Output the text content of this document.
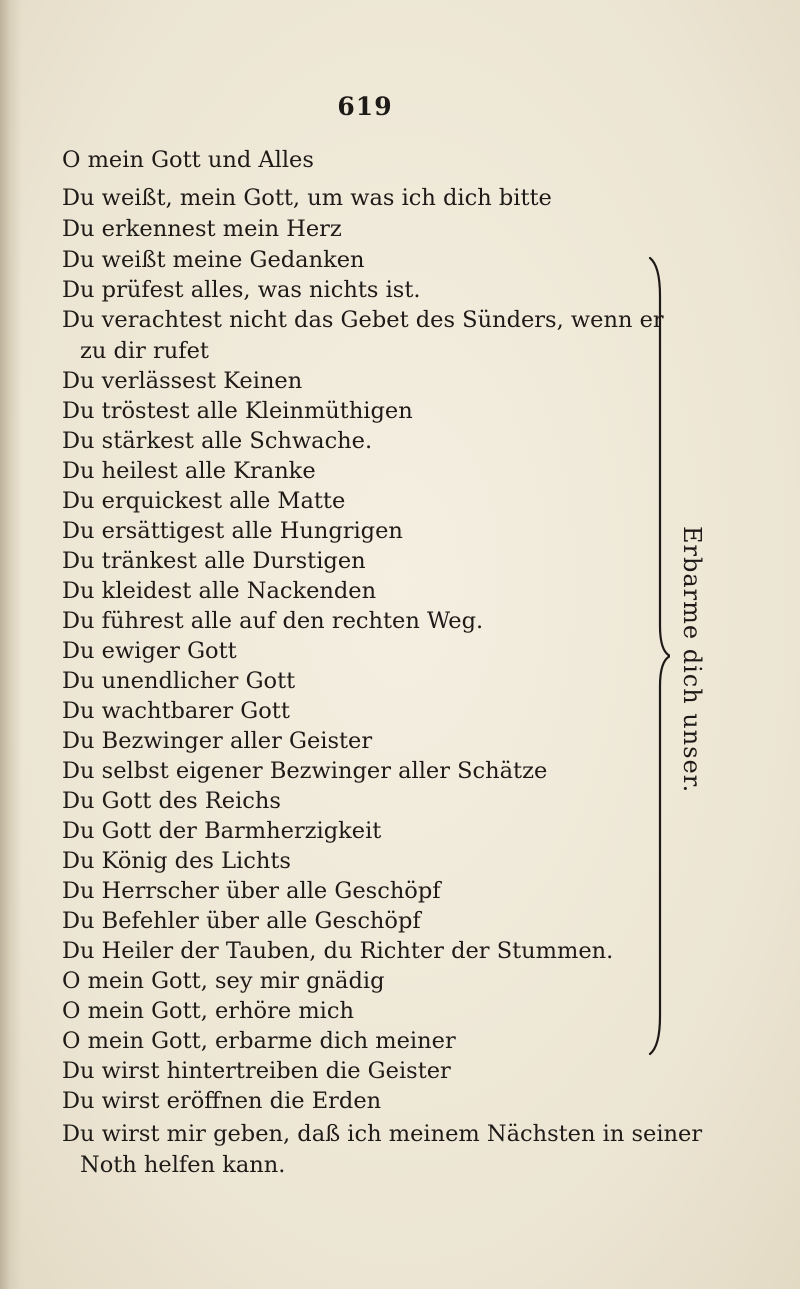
619
O mein Gott und Alles
Du weißt, mein Gott, um was ich dich bitte
Du erkennest mein Herz
Du weißt meine Gedanken
Du prüfest alles, was nichts ist.
Du verachtest nicht das Gebet des Sünders, wenn er
zu dir rufet
Du verlässest Keinen
Du tröstest alle Kleinmüthigen
Du stärkest alle Schwache.
Du heilest alle Kranke
Du erquickest alle Matte
Du ersättigest alle Hungrigen
Du tränkest alle Durstigen
Du kleidest alle Nackenden
Du führest alle auf den rechten Weg.
Du ewiger Gott
Du unendlicher Gott
Du wachtbarer Gott
Du Bezwinger aller Geister
Du selbst eigener Bezwinger aller Schätze
Du Gott des Reichs
Du Gott der Barmherzigkeit
Du König des Lichts
Du Herrscher über alle Geschöpf
Du Befehler über alle Geschöpf
Du Heiler der Tauben, du Richter der Stummen.
O mein Gott, sey mir gnädig
O mein Gott, erhöre mich
O mein Gott, erbarme dich meiner
Du wirst hintertreiben die Geister
Du wirst eröffnen die Erden
Du wirst mir geben, daß ich meinem Nächsten in seiner
Noth helfen kann.
Erbarme dich unser.
